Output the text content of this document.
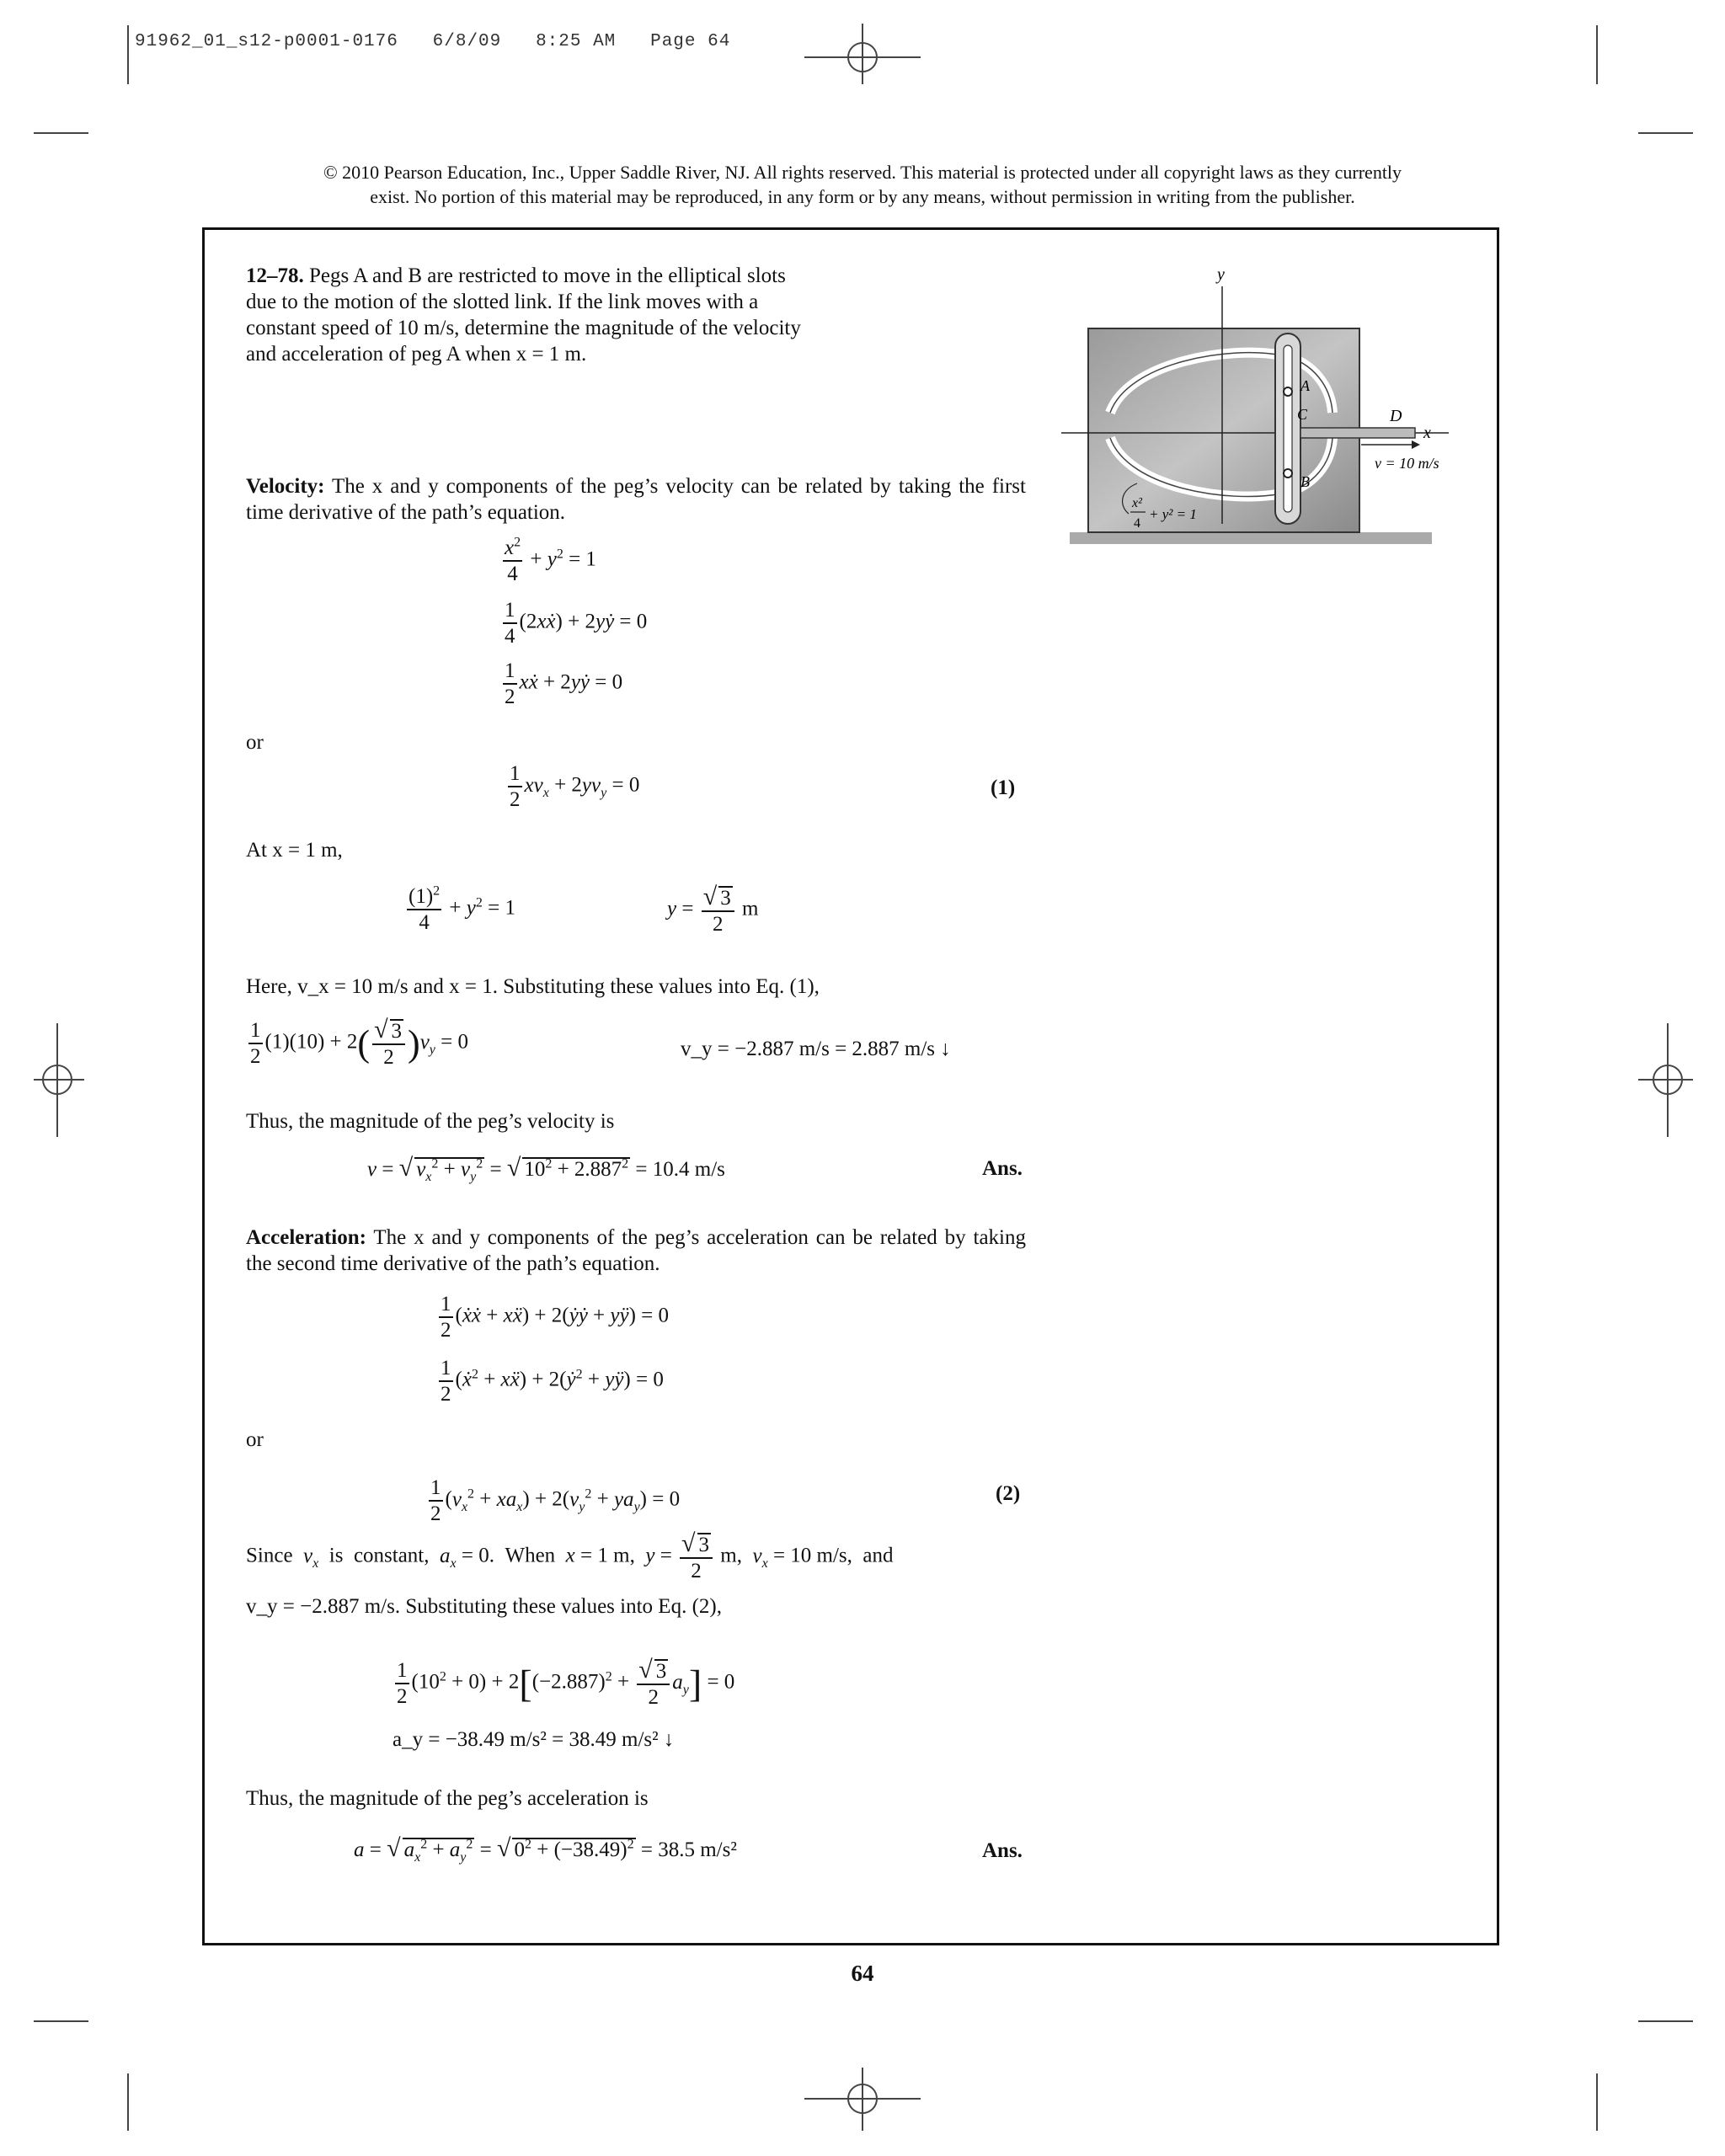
91962_01_s12-p0001-0176   6/8/09   8:25 AM   Page 64
© 2010 Pearson Education, Inc., Upper Saddle River, NJ. All rights reserved. This material is protected under all copyright laws as they currently
exist. No portion of this material may be reproduced, in any form or by any means, without permission in writing from the publisher.
12–78. Pegs A and B are restricted to move in the elliptical slots due to the motion of the slotted link. If the link moves with a constant speed of 10 m/s, determine the magnitude of the velocity and acceleration of peg A when x = 1 m.
y
x
A
C
B
D
v = 10 m/s
x²
4
+ y² = 1
Velocity: The x and y components of the peg’s velocity can be related by taking the first time derivative of the path’s equation.
$\frac{x^2}{4} + y^2 = 1$
$\frac{1}{4}$ (2xẋ) + 2yẏ = 0
$\frac{1}{2}$ xẋ + 2yẏ = 0
or
$\frac{1}{2} xv_x + 2yv_y = 0$	(1)
At x = 1 m,
$\frac{(1)^2}{4} + y^2 = 1$	$y = \frac{√ 3}{2}$ m
Here, v_x = 10 m/s and x = 1. Substituting these values into Eq. (1),
$\frac{1}{2} (1)(10) + 2( \frac{√ 3}{2} )v_y = 0$	v_y = −2.887 m/s = 2.887 m/s ↓
Thus, the magnitude of the peg’s velocity is
v = √ $v_x^2 + v_y^2$ = √ $10^2 + 2.887^2 = 10.4$ m/s	Ans.
Acceleration: The x and y components of the peg’s acceleration can be related by taking the second time derivative of the path’s equation.
$\frac{1}{2}$ (ẋẋ + xẍ) + 2(ẏẏ + yÿ) = 0
$\frac{1}{2}$ (ẋ$^2$ + xẍ) + 2(ẏ$^2$ + yÿ) = 0
or
$\frac{1}{2} (v_x^2 + xa_x) + 2(v_y^2 + ya_y) = 0$	(2)
Since  $v_x$  is  constant,  $a_x = 0$.  When  x = 1 m,  $y = \frac{√ 3}{2} m$,  $v_x = 10$ m/s,  and
v_y = −2.887 m/s. Substituting these values into Eq. (2),
$\frac{1}{2} (10^2 + 0) + 2[(-2.887)^2 + \frac{√ 3}{2} a_y] = 0$
a_y = −38.49 m/s² = 38.49 m/s² ↓
Thus, the magnitude of the peg’s acceleration is
a = √ $a_x^2 + a_y^2$ = √ $0^2 + (-38.49)^2 = 38.5$ m/s²	Ans.
64
